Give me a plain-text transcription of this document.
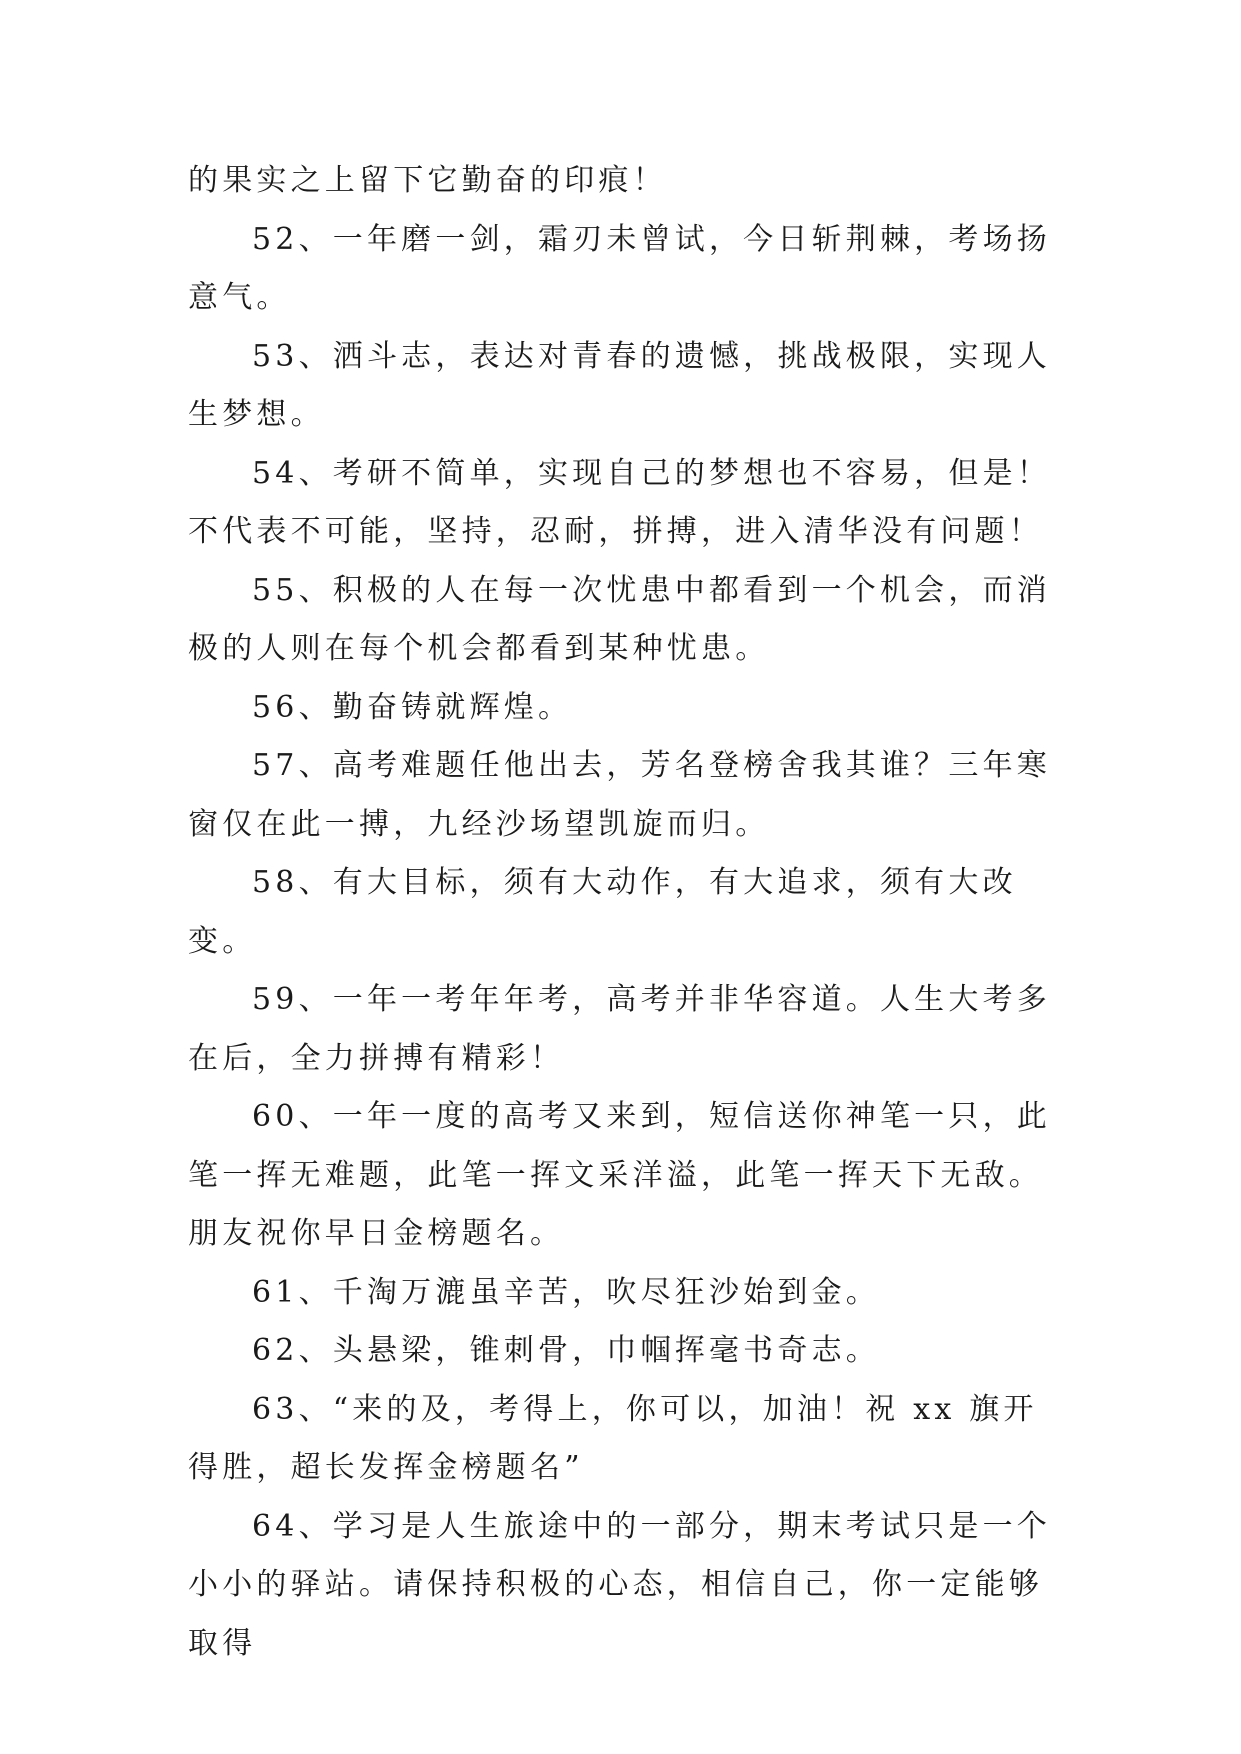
的果实之上留下它勤奋的印痕！

52、一年磨一剑，霜刃未曾试，今日斩荆棘，考场扬意气。

53、洒斗志，表达对青春的遗憾，挑战极限，实现人生梦想。

54、考研不简单，实现自己的梦想也不容易，但是！不代表不可能，坚持，忍耐，拼搏，进入清华没有问题！

55、积极的人在每一次忧患中都看到一个机会，而消极的人则在每个机会都看到某种忧患。

56、勤奋铸就辉煌。

57、高考难题任他出去，芳名登榜舍我其谁？三年寒窗仅在此一搏，九经沙场望凯旋而归。

58、有大目标，须有大动作，有大追求，须有大改变。

59、一年一考年年考，高考并非华容道。人生大考多在后，全力拼搏有精彩！

60、一年一度的高考又来到，短信送你神笔一只，此笔一挥无难题，此笔一挥文采洋溢，此笔一挥天下无敌。朋友祝你早日金榜题名。

61、千淘万漉虽辛苦，吹尽狂沙始到金。

62、头悬梁，锥刺骨，巾帼挥毫书奇志。

63、“来的及，考得上，你可以，加油！祝 xx 旗开得胜，超长发挥金榜题名”

64、学习是人生旅途中的一部分，期末考试只是一个小小的驿站。请保持积极的心态，相信自己，你一定能够取得
